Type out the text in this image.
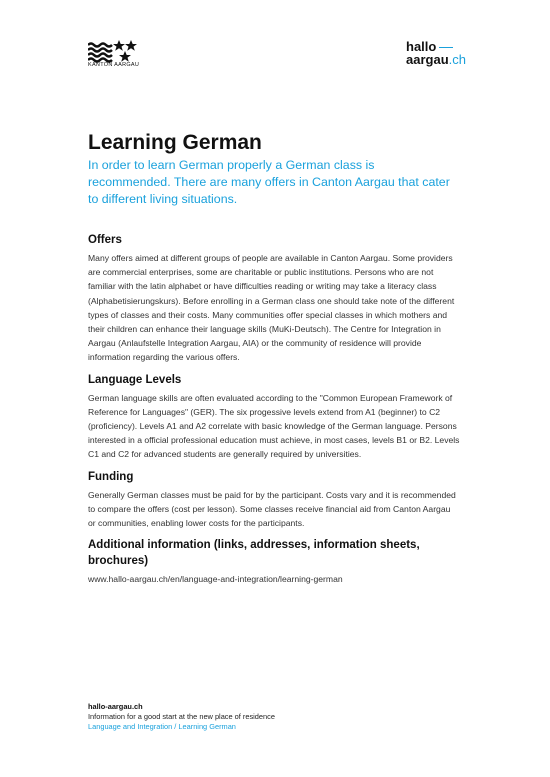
KANTON AARGAU
hallo
aargau.ch
Learning German

In order to learn German properly a German class is recommended. There are many offers in Canton Aargau that cater to different living situations.

Offers

Many offers aimed at different groups of people are available in Canton Aargau. Some providers are commercial enterprises, some are charitable or public institutions. Persons who are not familiar with the latin alphabet or have difficulties reading or writing may take a literacy class (Alphabetisierungskurs). Before enrolling in a German class one should take note of the different types of classes and their costs. Many communities offer special classes in which mothers and their children can enhance their language skills (MuKi-Deutsch). The Centre for Integration in Aargau (Anlaufstelle Integration Aargau, AIA) or the community of residence will provide information regarding the various offers.

Language Levels

German language skills are often evaluated according to the "Common European Framework of Reference for Languages" (GER). The six progessive levels extend from A1 (beginner) to C2 (proficiency). Levels A1 and A2 correlate with basic knowledge of the German language. Persons interested in a official professional education must achieve, in most cases, levels B1 or B2. Levels C1 and C2 for advanced students are generally required by universities.

Funding

Generally German classes must be paid for by the participant. Costs vary and it is recommended to compare the offers (cost per lesson). Some classes receive financial aid from Canton Aargau or communities, enabling lower costs for the participants.

Additional information (links, addresses, information sheets, brochures)

www.hallo-aargau.ch/en/language-and-integration/learning-german

hallo-aargau.ch
Information for a good start at the new place of residence
Language and Integration / Learning German
